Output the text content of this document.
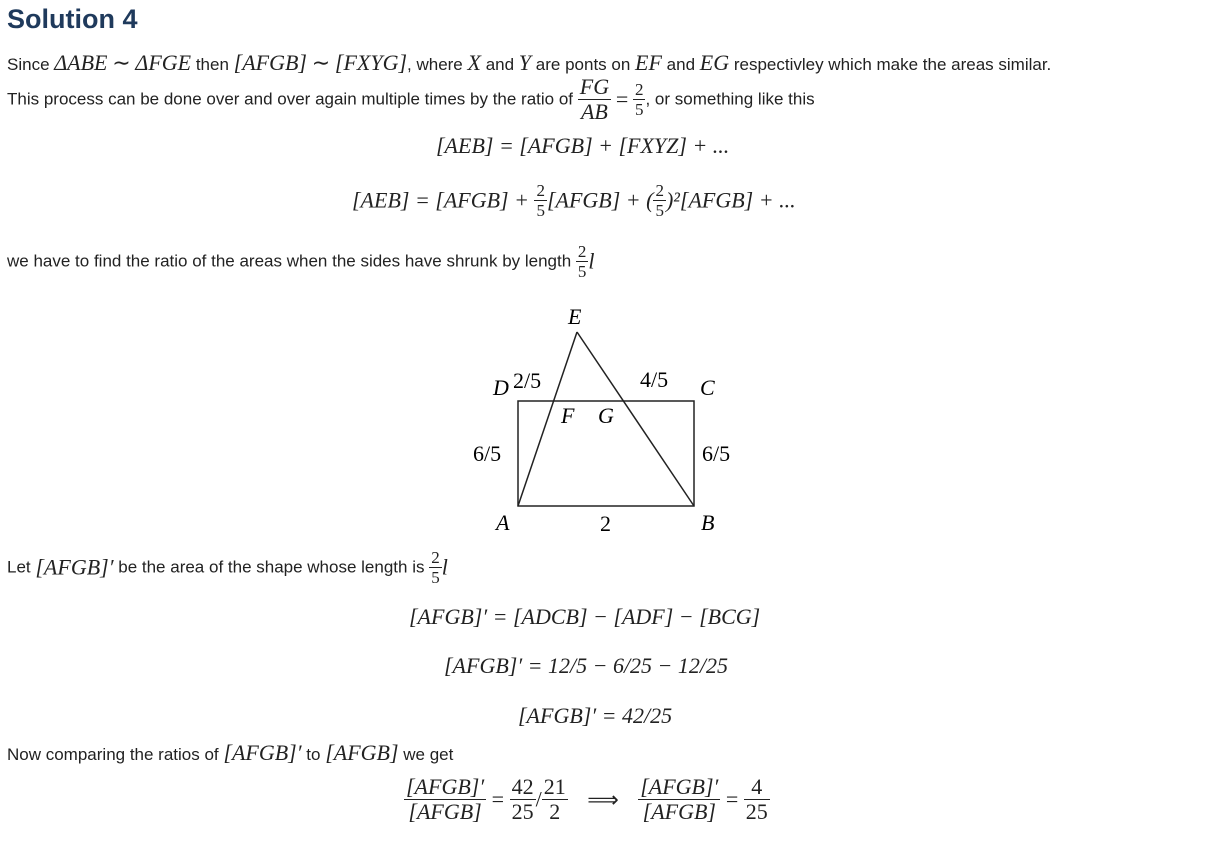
Solution 4
Since ΔABE ∼ ΔFGE then [AFGB] ∼ [FXYG], where X and Y are ponts on EF and EG respectivley which make the areas similar.
This process can be done over and over again multiple times by the ratio of $\frac{FG}{AB} = \frac{2}{5}$ , or something like this
[AEB] = [AFGB] + [FXYZ] + ...
[AEB] = [AFGB] + $\frac{2}{5}$ [AFGB] + ( $\frac{2}{5}$ )²[AFGB] + ...
we have to find the ratio of the areas when the sides have shrunk by length $\frac{2}{5}$ l
E
D 2/5	4/5 C
F G
6/5	6/5
A	2	B
Let [AFGB]′ be the area of the shape whose length is $\frac{2}{5}$ l
[AFGB]′ = [ADCB] − [ADF] − [BCG]
[AFGB]′ = 12/5 − 6/25 − 12/25
[AFGB]′ = 42/25
Now comparing the ratios of [AFGB]′ to [AFGB] we get
$\frac{\text{[AFGB]′}}{\text{[AFGB]}} = \frac{42}{25} / \frac{21}{2}$ ⟹ $\frac{\text{[AFGB]′}}{\text{[AFGB]}} = \frac{4}{25}$
